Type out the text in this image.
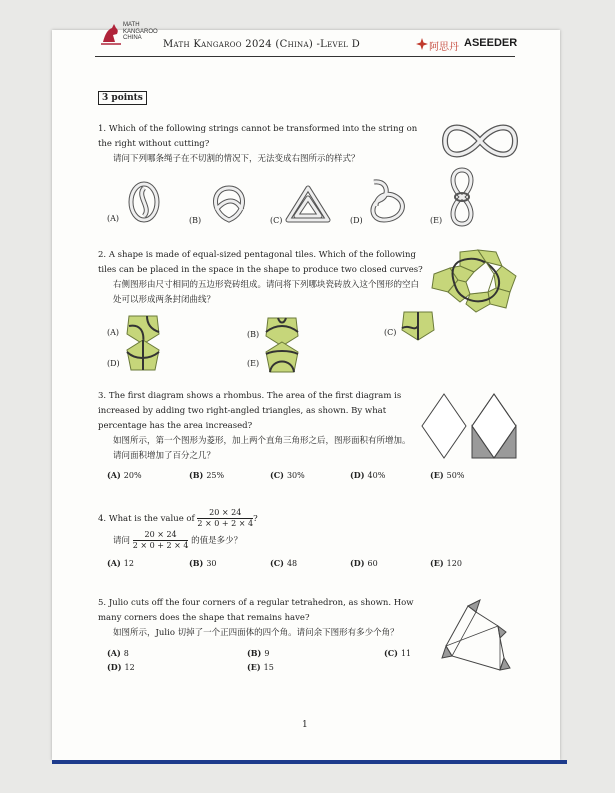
MATH
KANGAROO
CHINA
Math Kangaroo 2024 (China) -Level D	阿思丹 ASEEDER
3 points
1. Which of the following strings cannot be transformed into the string on the right without cutting?
请问下列哪条绳子在不切割的情况下，无法变成右图所示的样式？
(A)	(B)	(C)	(D)	(E)
2. A shape is made of equal-sized pentagonal tiles. Which of the following tiles can be placed in the space in the shape to produce two closed curves?
右侧图形由尺寸相同的五边形瓷砖组成。请问将下列哪块瓷砖放入这个图形的空白处可以形成两条封闭曲线？
(A)	(B)	(C)
(D)	(E)
3. The first diagram shows a rhombus. The area of the first diagram is increased by adding two right-angled triangles, as shown. By what percentage has the area increased?
如图所示，第一个图形为菱形，加上两个直角三角形之后，图形面积有所增加。请问面积增加了百分之几？
(A) 20%	(B) 25%	(C) 30%	(D) 40%	(E) 50%
4. What is the value of $\frac{20 \times 24}{2 \times 0 + 2 \times 4}$?
请问 $\frac{20 \times 24}{2 \times 0 + 2 \times 4}$ 的值是多少？
(A) 12	(B) 30	(C) 48	(D) 60	(E) 120
5. Julio cuts off the four corners of a regular tetrahedron, as shown. How many corners does the shape that remains have?
如图所示，Julio 切掉了一个正四面体的四个角。请问余下图形有多少个角？
(A) 8	(B) 9	(C) 11
(D) 12	(E) 15
1
